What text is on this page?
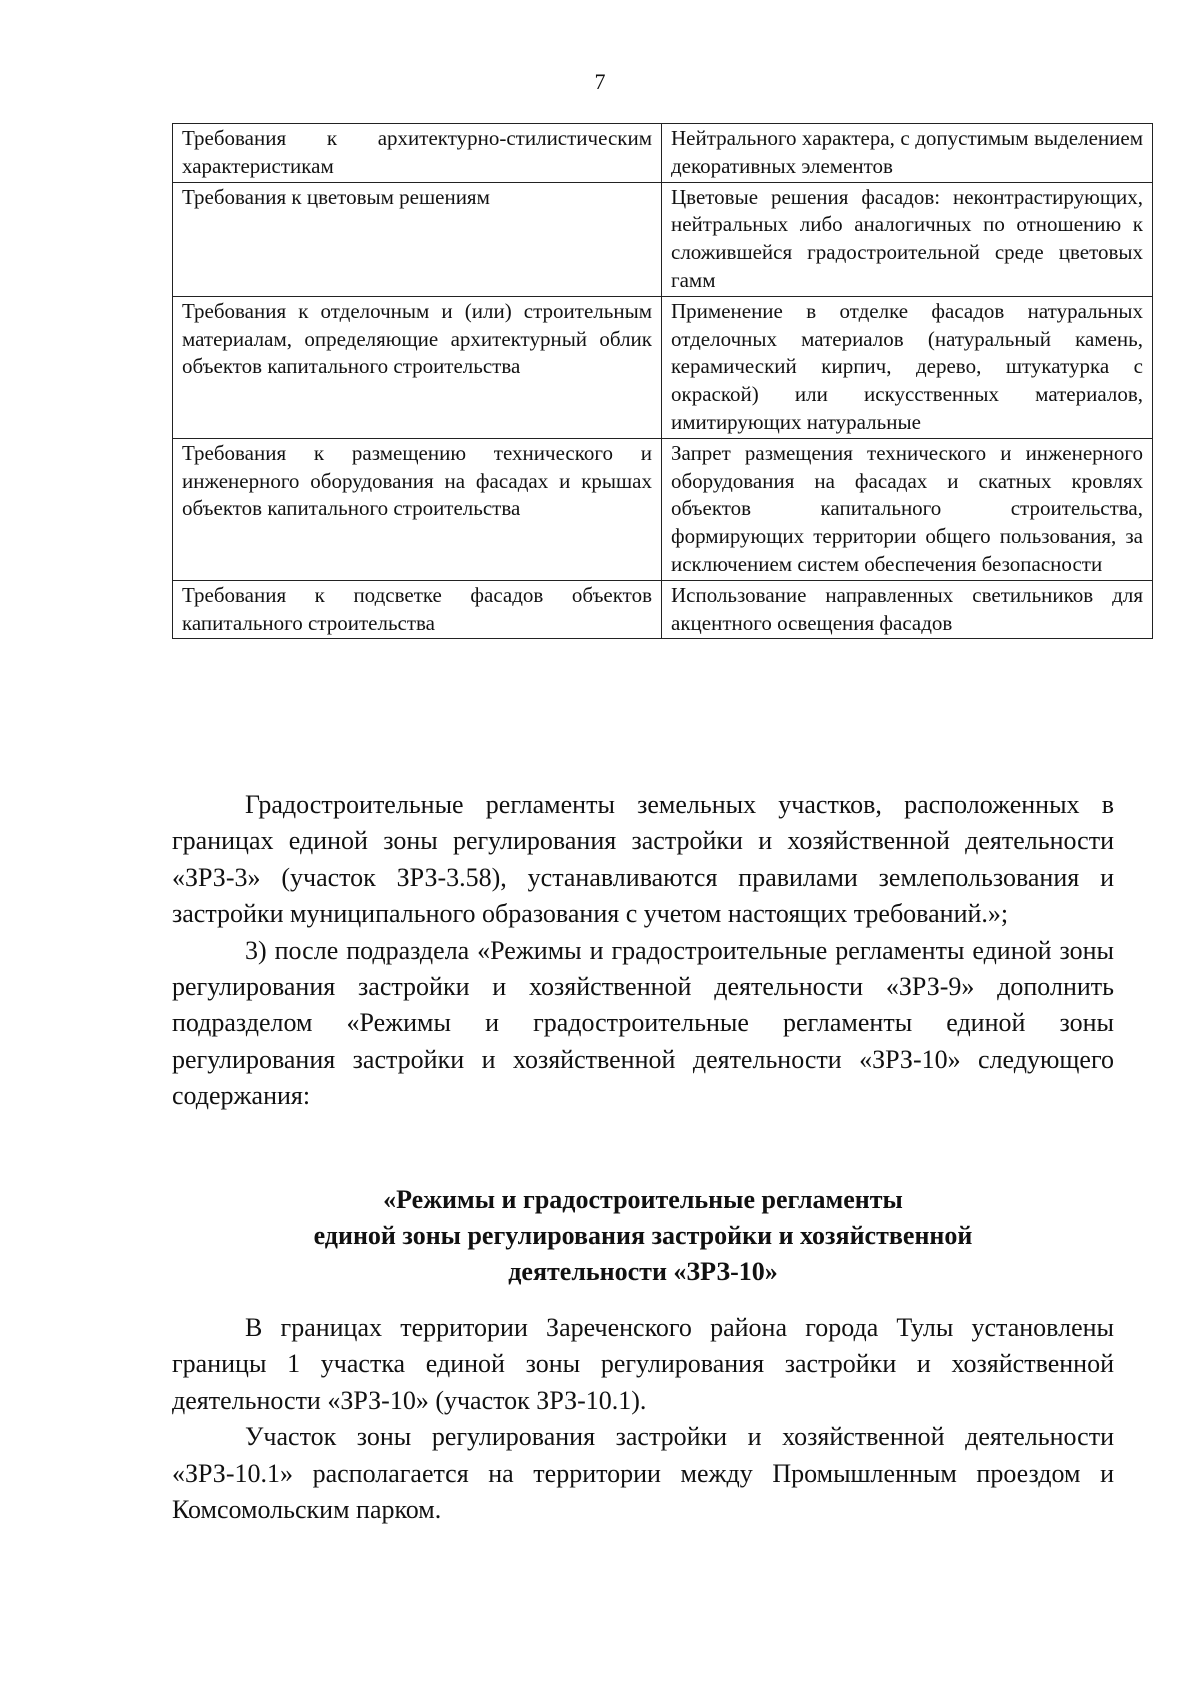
7
Требования к архитектурно-стилистическим характеристикам	Нейтрального характера, с допустимым выделением декоративных элементов
Требования к цветовым решениям	Цветовые решения фасадов: неконтрастирующих, нейтральных либо аналогичных по отношению к сложившейся градостроительной среде цветовых гамм
Требования к отделочным и (или) строительным материалам, определяющие архитектурный облик объектов капитального строительства	Применение в отделке фасадов натуральных отделочных материалов (натуральный камень, керамический кирпич, дерево, штукатурка с окраской) или искусственных материалов, имитирующих натуральные
Требования к размещению технического и инженерного оборудования на фасадах и крышах объектов капитального строительства	Запрет размещения технического и инженерного оборудования на фасадах и скатных кровлях объектов капитального строительства, формирующих территории общего пользования, за исключением систем обеспечения безопасности
Требования к подсветке фасадов объектов капитального строительства	Использование направленных светильников для акцентного освещения фасадов

Градостроительные регламенты земельных участков, расположенных в границах единой зоны регулирования застройки и хозяйственной деятельности «ЗРЗ-3» (участок ЗРЗ-3.58), устанавливаются правилами землепользования и застройки муниципального образования с учетом настоящих требований.»;

3) после подраздела «Режимы и градостроительные регламенты единой зоны регулирования застройки и хозяйственной деятельности «ЗРЗ-9» дополнить подразделом «Режимы и градостроительные регламенты единой зоны регулирования застройки и хозяйственной деятельности «ЗРЗ-10» следующего содержания:

«Режимы и градостроительные регламенты
единой зоны регулирования застройки и хозяйственной
деятельности «ЗРЗ-10»

В границах территории Зареченского района города Тулы установлены границы 1 участка единой зоны регулирования застройки и хозяйственной деятельности «ЗРЗ-10» (участок ЗРЗ-10.1).

Участок зоны регулирования застройки и хозяйственной деятельности «ЗРЗ-10.1» располагается на территории между Промышленным проездом и Комсомольским парком.
